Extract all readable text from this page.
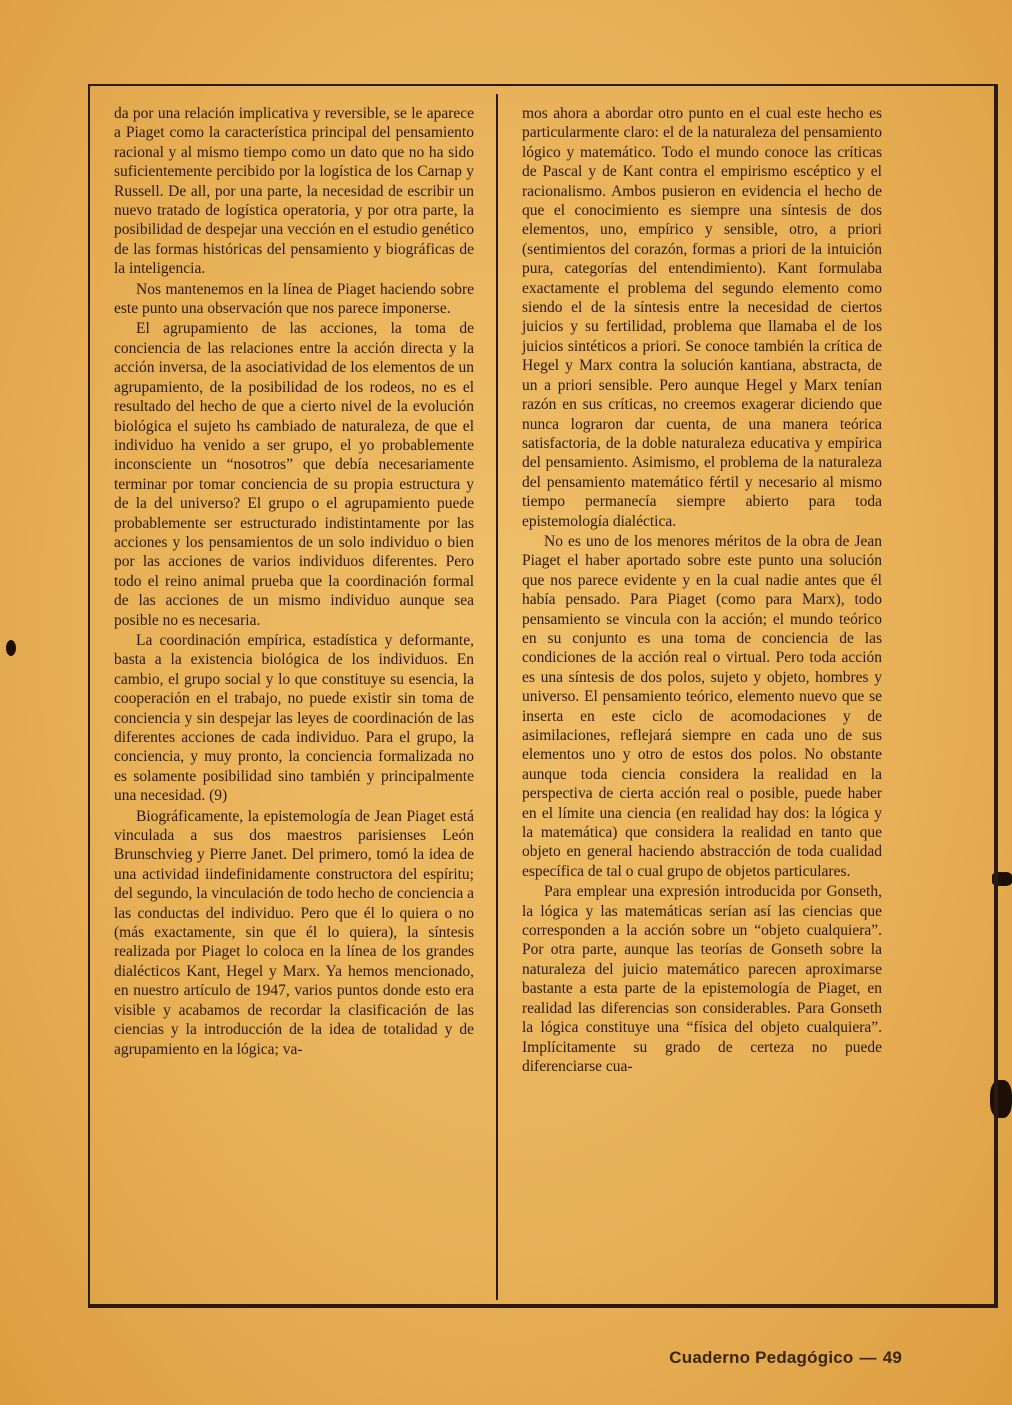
da por una relación implicativa y reversible, se le aparece a Piaget como la característica principal del pensamiento racional y al mismo tiempo como un dato que no ha sido suficientemente percibido por la logística de los Carnap y Russell. De all, por una parte, la necesidad de escribir un nuevo tratado de logística operatoria, y por otra parte, la posibilidad de despejar una vección en el estudio genético de las formas históricas del pensamiento y biográficas de la inteligencia.

Nos mantenemos en la línea de Piaget haciendo sobre este punto una observación que nos parece imponerse.

El agrupamiento de las acciones, la toma de conciencia de las relaciones entre la acción directa y la acción inversa, de la asociatividad de los elementos de un agrupamiento, de la posibilidad de los rodeos, no es el resultado del hecho de que a cierto nivel de la evolución biológica el sujeto hs cambiado de naturaleza, de que el individuo ha venido a ser grupo, el yo probablemente inconsciente un “nosotros” que debía necesariamente terminar por tomar conciencia de su propia estructura y de la del universo? El grupo o el agrupamiento puede probablemente ser estructurado indistintamente por las acciones y los pensamientos de un solo individuo o bien por las acciones de varios individuos diferentes. Pero todo el reino animal prueba que la coordinación formal de las acciones de un mismo individuo aunque sea posible no es necesaria.

La coordinación empírica, estadística y deformante, basta a la existencia biológica de los individuos. En cambio, el grupo social y lo que constituye su esencia, la cooperación en el trabajo, no puede existir sin toma de conciencia y sin despejar las leyes de coordinación de las diferentes acciones de cada individuo. Para el grupo, la conciencia, y muy pronto, la conciencia formalizada no es solamente posibilidad sino también y principalmente una necesidad. (9)

Biográficamente, la epistemología de Jean Piaget está vinculada a sus dos maestros parisienses León Brunschvieg y Pierre Janet. Del primero, tomó la idea de una actividad iindefinidamente constructora del espíritu; del segundo, la vinculación de todo hecho de conciencia a las conductas del individuo. Pero que él lo quiera o no (más exactamente, sin que él lo quiera), la síntesis realizada por Piaget lo coloca en la línea de los grandes dialécticos Kant, Hegel y Marx. Ya hemos mencionado, en nuestro artículo de 1947, varios puntos donde esto era visible y acabamos de recordar la clasificación de las ciencias y la introducción de la idea de totalidad y de agrupamiento en la lógica; va-

mos ahora a abordar otro punto en el cual este hecho es particularmente claro: el de la naturaleza del pensamiento lógico y matemático. Todo el mundo conoce las críticas de Pascal y de Kant contra el empirismo escéptico y el racionalismo. Ambos pusieron en evidencia el hecho de que el conocimiento es siempre una síntesis de dos elementos, uno, empírico y sensible, otro, a priori (sentimientos del corazón, formas a priori de la intuición pura, categorías del entendimiento). Kant formulaba exactamente el problema del segundo elemento como siendo el de la síntesis entre la necesidad de ciertos juicios y su fertilidad, problema que llamaba el de los juicios sintéticos a priori. Se conoce también la crítica de Hegel y Marx contra la solución kantiana, abstracta, de un a priori sensible. Pero aunque Hegel y Marx tenían razón en sus críticas, no creemos exagerar diciendo que nunca lograron dar cuenta, de una manera teórica satisfactoria, de la doble naturaleza educativa y empírica del pensamiento. Asimismo, el problema de la naturaleza del pensamiento matemático fértil y necesario al mismo tiempo permanecía siempre abierto para toda epistemología dialéctica.

No es uno de los menores méritos de la obra de Jean Piaget el haber aportado sobre este punto una solución que nos parece evidente y en la cual nadie antes que él había pensado. Para Piaget (como para Marx), todo pensamiento se vincula con la acción; el mundo teórico en su conjunto es una toma de conciencia de las condiciones de la acción real o virtual. Pero toda acción es una síntesis de dos polos, sujeto y objeto, hombres y universo. El pensamiento teórico, elemento nuevo que se inserta en este ciclo de acomodaciones y de asimilaciones, reflejará siempre en cada uno de sus elementos uno y otro de estos dos polos. No obstante aunque toda ciencia considera la realidad en la perspectiva de cierta acción real o posible, puede haber en el límite una ciencia (en realidad hay dos: la lógica y la matemática) que considera la realidad en tanto que objeto en general haciendo abstracción de toda cualidad específica de tal o cual grupo de objetos particulares.

Para emplear una expresión introducida por Gonseth, la lógica y las matemáticas serían así las ciencias que corresponden a la acción sobre un “objeto cualquiera”. Por otra parte, aunque las teorías de Gonseth sobre la naturaleza del juicio matemático parecen aproximarse bastante a esta parte de la epistemología de Piaget, en realidad las diferencias son considerables. Para Gonseth la lógica constituye una “física del objeto cualquiera”. Implícitamente su grado de certeza no puede diferenciarse cua-

Cuaderno Pedagógico — 49
